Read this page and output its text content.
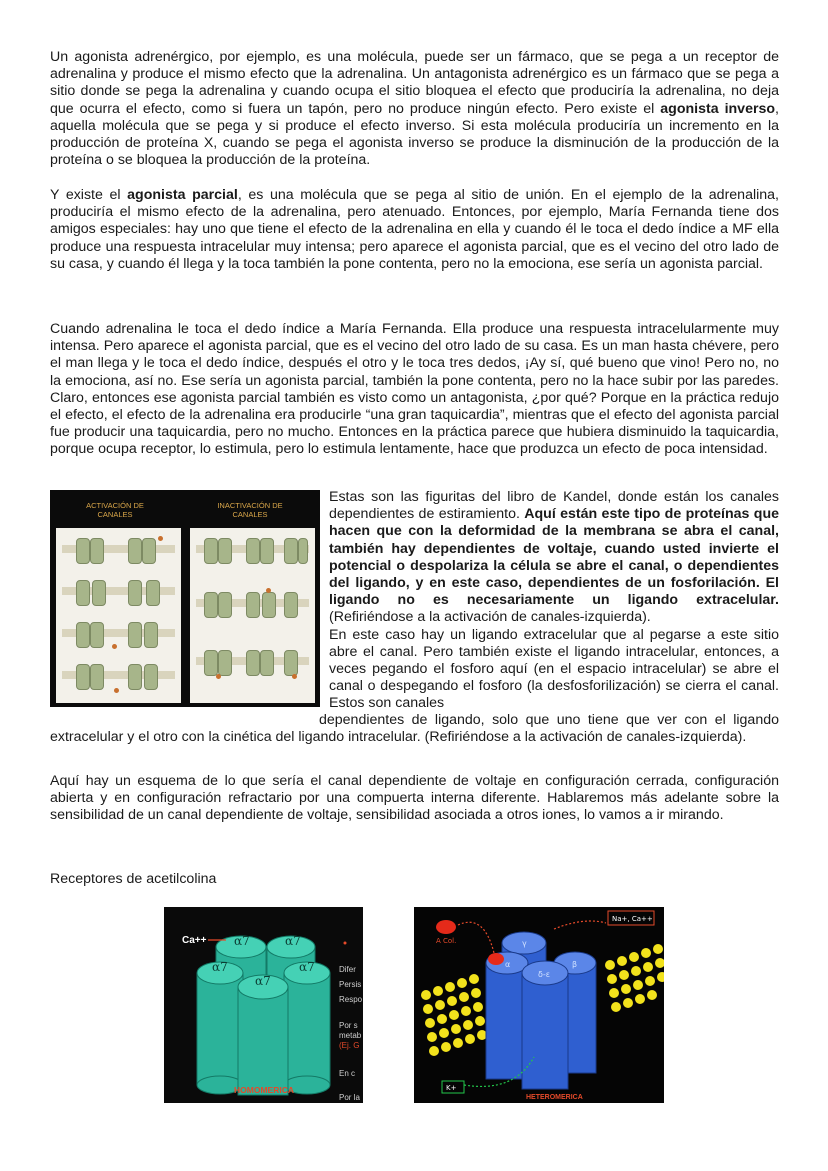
Un agonista adrenérgico, por ejemplo, es una molécula, puede ser un fármaco, que se pega a un receptor de adrenalina y produce el mismo efecto que la adrenalina. Un antagonista adrenérgico es un fármaco que se pega a sitio donde se pega la adrenalina y cuando ocupa el sitio bloquea el efecto que produciría la adrenalina, no deja que ocurra el efecto, como si fuera un tapón, pero no produce ningún efecto. Pero existe el agonista inverso, aquella molécula que se pega y si produce el efecto inverso. Si esta molécula produciría un incremento en la producción de proteína X, cuando se pega el agonista inverso se produce la disminución de la producción de la proteína o se bloquea la producción de la proteína.

Y existe el agonista parcial, es una molécula que se pega al sitio de unión. En el ejemplo de la adrenalina, produciría el mismo efecto de la adrenalina, pero atenuado. Entonces, por ejemplo, María Fernanda tiene dos amigos especiales: hay uno que tiene el efecto de la adrenalina en ella y cuando él le toca el dedo índice a MF ella produce una respuesta intracelular muy intensa; pero aparece el agonista parcial, que es el vecino del otro lado de su casa, y cuando él llega y la toca también la pone contenta, pero no la emociona, ese sería un agonista parcial.

Cuando adrenalina le toca el dedo índice a María Fernanda. Ella produce una respuesta intracelularmente muy intensa. Pero aparece el agonista parcial, que es el vecino del otro lado de su casa. Es un man hasta chévere, pero el man llega y le toca el dedo índice, después el otro y le toca tres dedos, ¡Ay sí, qué bueno que vino! Pero no, no la emociona, así no. Ese sería un agonista parcial, también la pone contenta, pero no la hace subir por las paredes. Claro, entonces ese agonista parcial también es visto como un antagonista, ¿por qué? Porque en la práctica redujo el efecto, el efecto de la adrenalina era producirle “una gran taquicardia”, mientras que el efecto del agonista parcial fue producir una taquicardia, pero no mucho. Entonces en la práctica parece que hubiera disminuido la taquicardia, porque ocupa receptor, lo estimula, pero lo estimula lentamente, hace que produzca un efecto de poca intensidad.

ACTIVACIÓN DE
CANALES
INACTIVACIÓN DE
CANALES

Estas son las figuritas del libro de Kandel, donde están los canales dependientes de estiramiento. Aquí están este tipo de proteínas que hacen que con la deformidad de la membrana se abra el canal, también hay dependientes de voltaje, cuando usted invierte el potencial o despolariza la célula se abre el canal, o dependientes del ligando, y en este caso, dependientes de un fosforilación. El ligando no es necesariamente un ligando extracelular. (Refiriéndose a la activación de canales-izquierda).
En este caso hay un ligando extracelular que al pegarse a este sitio abre el canal. Pero también existe el ligando intracelular, entonces, a veces pegando el fosforo aquí (en el espacio intracelular) se abre el canal o despegando el fosforo (la desfosforilización) se cierra el canal. Estos son canales

dependientes de ligando, solo que uno tiene que ver con el ligando extracelular y el otro con la cinética del ligando intracelular. (Refiriéndose a la activación de canales-izquierda).

Aquí hay un esquema de lo que sería el canal dependiente de voltaje en configuración cerrada, configuración abierta y en configuración refractario por una compuerta interna diferente. Hablaremos más adelante sobre la sensibilidad de un canal dependiente de voltaje, sensibilidad asociada a otros iones, lo vamos a ir mirando.

Receptores de acetilcolina

Ca++ α7	α7
α7	α7
α7
HOMOMERICA
Difer
Persis
Respo
Por s
metab
(Ej. G
En c
Por la
γ
α
δ-ε
β
Na+, Ca++
A Col.
K+
HETEROMERICA
